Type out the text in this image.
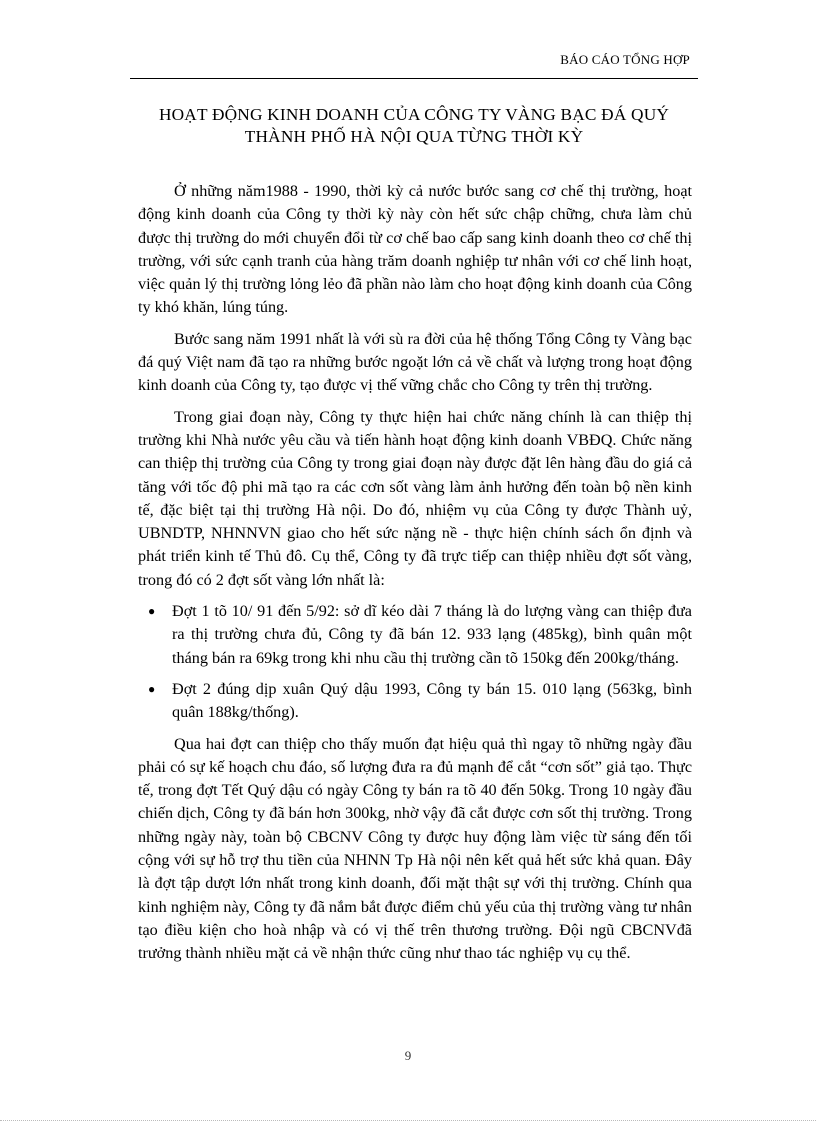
BÁO CÁO TỔNG HỢP
HOẠT ĐỘNG KINH DOANH CỦA CÔNG TY VÀNG BẠC ĐÁ QUÝ
THÀNH PHỐ HÀ NỘI QUA TỪNG THỜI KỲ

Ở những năm1988 - 1990, thời kỳ cả nước bước sang cơ chế thị trường, hoạt động kinh doanh của Công ty thời kỳ này còn hết sức chập chững, chưa làm chủ được thị trường do mới chuyển đổi từ cơ chế bao cấp sang kinh doanh theo cơ chế thị trường, với sức cạnh tranh của hàng trăm doanh nghiệp tư nhân với cơ chế linh hoạt, việc quản lý thị trường lỏng lẻo đã phần nào làm cho hoạt động kinh doanh của Công ty khó khăn, lúng túng.

Bước sang năm 1991 nhất là với sù ra đời của hệ thống Tổng Công ty Vàng bạc đá quý Việt nam đã tạo ra những bước ngoặt lớn cả về chất và lượng trong hoạt động kinh doanh của Công ty, tạo được vị thế vững chắc cho Công ty trên thị trường.

Trong giai đoạn này, Công ty thực hiện hai chức năng chính là can thiệp thị trường khi Nhà nước yêu cầu và tiến hành hoạt động kinh doanh VBĐQ. Chức năng can thiệp thị trường của Công ty trong giai đoạn này được đặt lên hàng đầu do giá cả tăng với tốc độ phi mã tạo ra các cơn sốt vàng làm ảnh hưởng đến toàn bộ nền kinh tế, đặc biệt tại thị trường Hà nội. Do đó, nhiệm vụ của Công ty được Thành uỷ, UBNDTP, NHNNVN giao cho hết sức nặng nề - thực hiện chính sách ổn định và phát triển kinh tế Thủ đô. Cụ thể, Công ty đã trực tiếp can thiệp nhiều đợt sốt vàng, trong đó có 2 đợt sốt vàng lớn nhất là:

● Đợt 1 tõ 10/ 91 đến 5/92: sở dĩ kéo dài 7 tháng là do lượng vàng can thiệp đưa ra thị trường chưa đủ, Công ty đã bán 12. 933 lạng (485kg), bình quân một tháng bán ra 69kg trong khi nhu cầu thị trường cần tõ 150kg đến 200kg/tháng.
● Đợt 2 đúng dịp xuân Quý dậu 1993, Công ty bán 15. 010 lạng (563kg, bình quân 188kg/thống).

Qua hai đợt can thiệp cho thấy muốn đạt hiệu quả thì ngay tõ những ngày đầu phải có sự kế hoạch chu đáo, số lượng đưa ra đủ mạnh để cắt “cơn sốt” giả tạo. Thực tế, trong đợt Tết Quý dậu có ngày Công ty bán ra tõ 40 đến 50kg. Trong 10 ngày đầu chiến dịch, Công ty đã bán hơn 300kg, nhờ vậy đã cắt được cơn sốt thị trường. Trong những ngày này, toàn bộ CBCNV Công ty được huy động làm việc từ sáng đến tối cộng với sự hỗ trợ thu tiền của NHNN Tp Hà nội nên kết quả hết sức khả quan. Đây là đợt tập dượt lớn nhất trong kinh doanh, đối mặt thật sự với thị trường. Chính qua kinh nghiệm này, Công ty đã nắm bắt được điểm chủ yếu của thị trường vàng tư nhân tạo điều kiện cho hoà nhập và có vị thế trên thương trường. Đội ngũ CBCNVđã trưởng thành nhiều mặt cả về nhận thức cũng như thao tác nghiệp vụ cụ thể.

9
